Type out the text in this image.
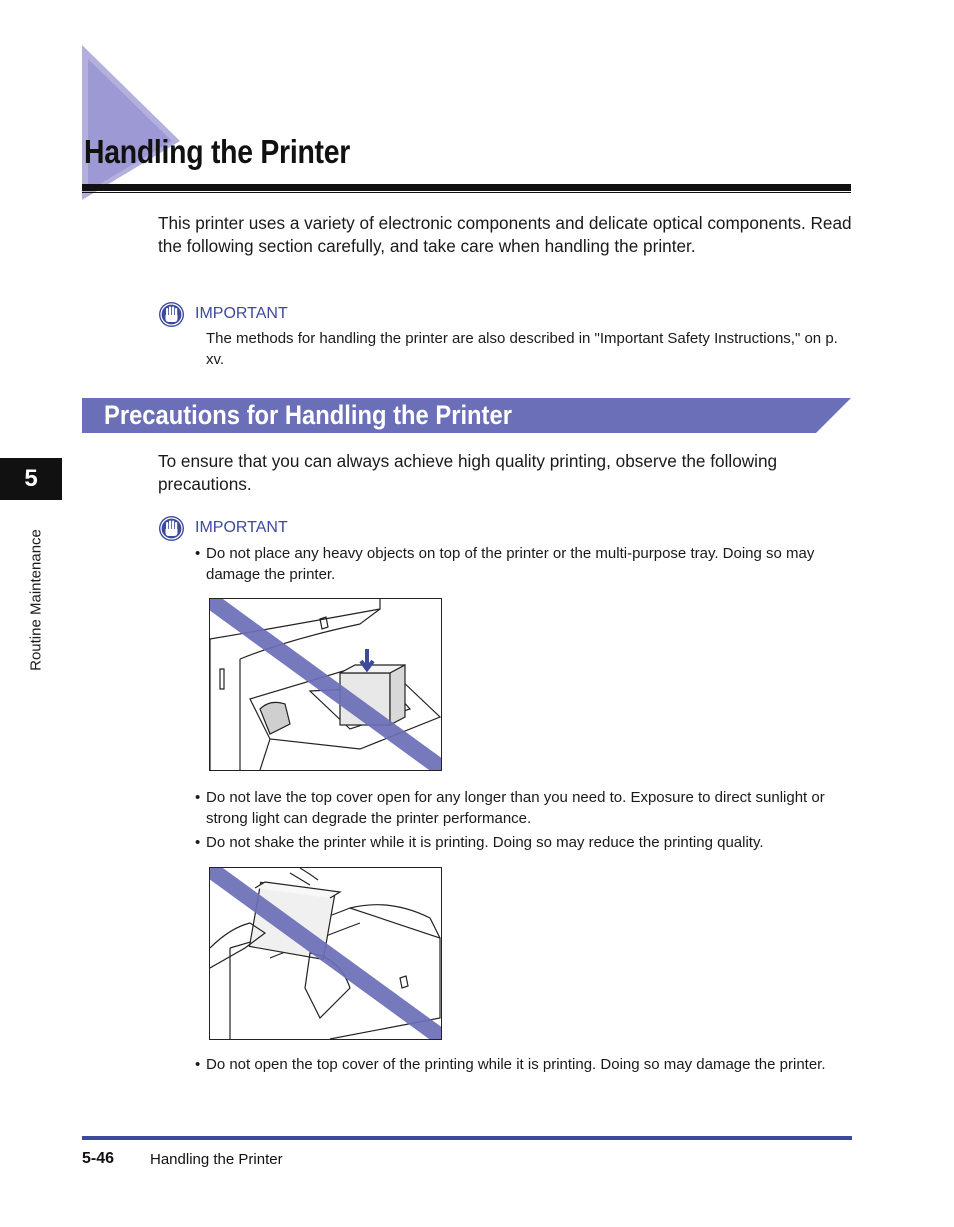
Handling the Printer

This printer uses a variety of electronic components and delicate optical components. Read the following section carefully, and take care when handling the printer.

IMPORTANT

The methods for handling the printer are also described in "Important Safety Instructions," on p. xv.

Precautions for Handling the Printer

To ensure that you can always achieve high quality printing, observe the following precautions.

5
Routine Maintenance
IMPORTANT

• Do not place any heavy objects on top of the printer or the multi-purpose tray. Doing so may damage the printer.

• Do not lave the top cover open for any longer than you need to. Exposure to direct sunlight or strong light can degrade the printer performance.

• Do not shake the printer while it is printing. Doing so may reduce the printing quality.

• Do not open the top cover of the printing while it is printing. Doing so may damage the printer.

5-46 Handling the Printer
